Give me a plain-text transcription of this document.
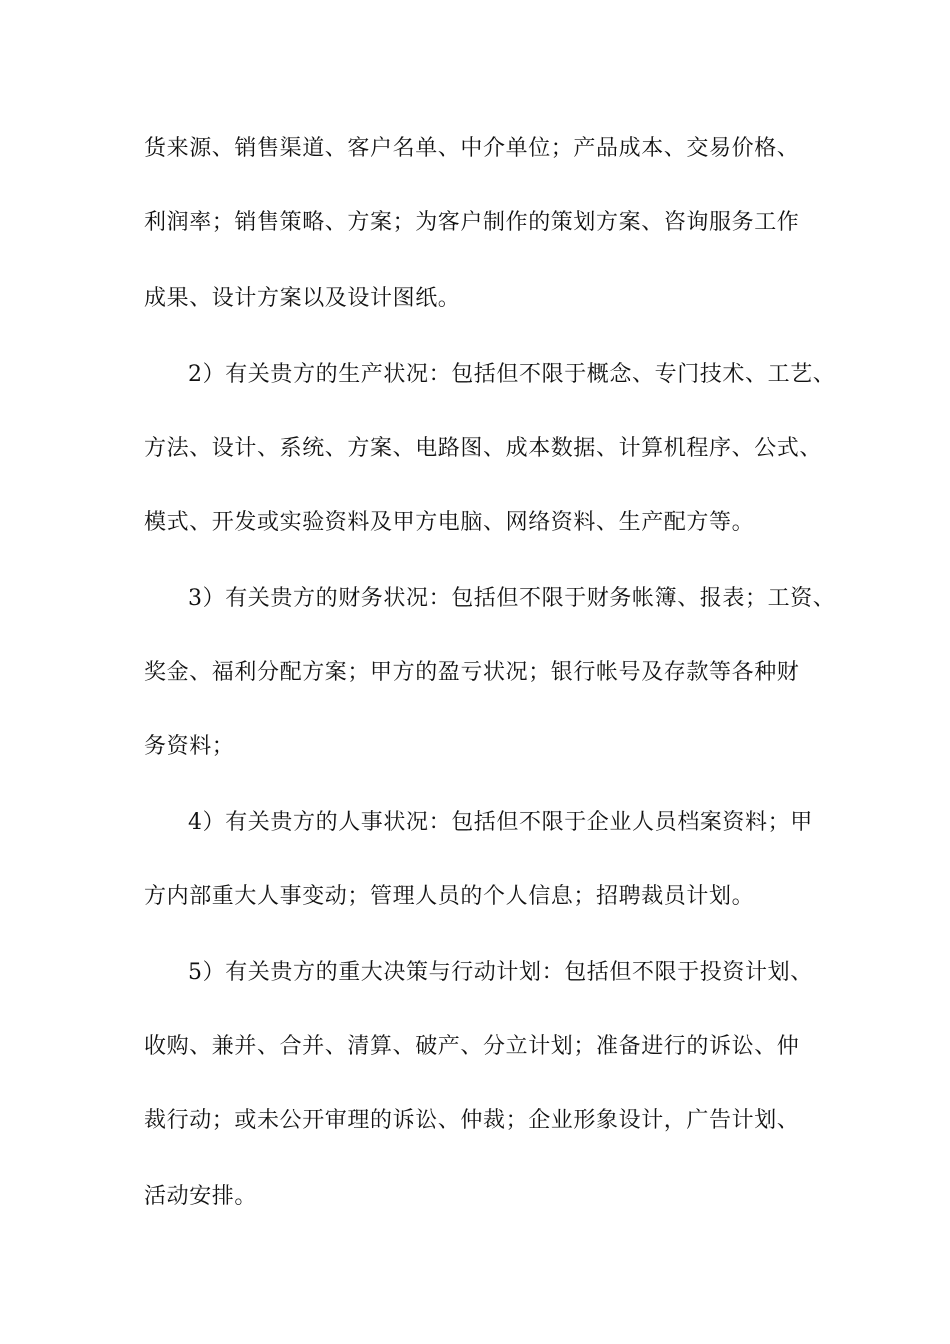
货来源、销售渠道、客户名单、中介单位；产品成本、交易价格、
利润率；销售策略、方案；为客户制作的策划方案、咨询服务工作
成果、设计方案以及设计图纸。
2）有关贵方的生产状况：包括但不限于概念、专门技术、工艺、
方法、设计、系统、方案、电路图、成本数据、计算机程序、公式、
模式、开发或实验资料及甲方电脑、网络资料、生产配方等。
3）有关贵方的财务状况：包括但不限于财务帐簿、报表；工资、
奖金、福利分配方案；甲方的盈亏状况；银行帐号及存款等各种财
务资料；
4）有关贵方的人事状况：包括但不限于企业人员档案资料；甲
方内部重大人事变动；管理人员的个人信息；招聘裁员计划。
5）有关贵方的重大决策与行动计划：包括但不限于投资计划、
收购、兼并、合并、清算、破产、分立计划；准备进行的诉讼、仲
裁行动；或未公开审理的诉讼、仲裁；企业形象设计，广告计划、
活动安排。
